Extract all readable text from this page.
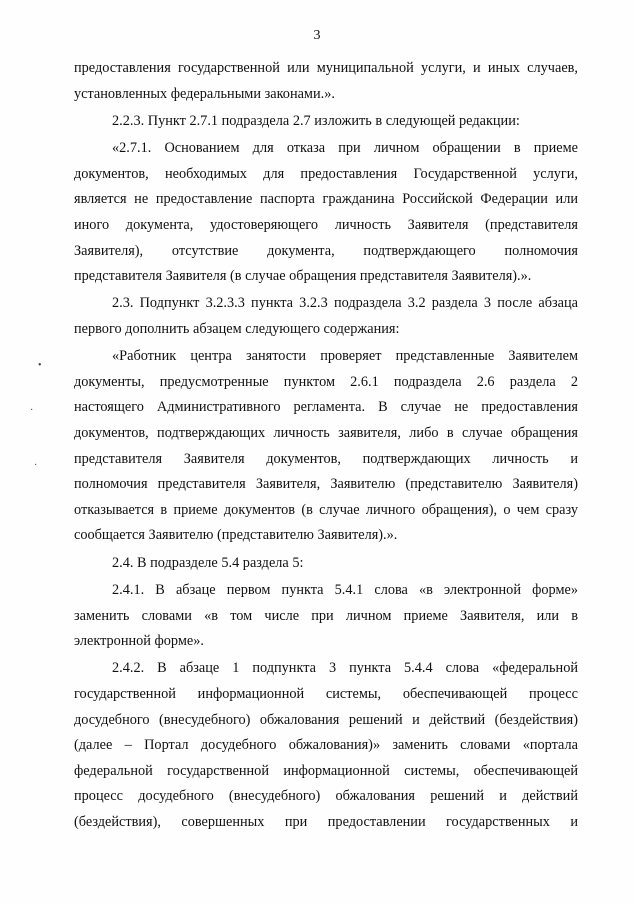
3
предоставления государственной или муниципальной услуги, и иных случаев,
установленных федеральными законами.».
2.2.3. Пункт 2.7.1 подраздела 2.7 изложить в следующей редакции:
«2.7.1. Основанием для отказа при личном обращении в приеме
документов, необходимых для предоставления Государственной услуги,
является не предоставление паспорта гражданина Российской Федерации или
иного документа, удостоверяющего личность Заявителя (представителя
Заявителя), отсутствие документа, подтверждающего полномочия
представителя Заявителя (в случае обращения представителя Заявителя).».
2.3. Подпункт 3.2.3.3 пункта 3.2.3 подраздела 3.2 раздела 3 после абзаца
первого дополнить абзацем следующего содержания:
«Работник центра занятости проверяет представленные Заявителем
документы, предусмотренные пунктом 2.6.1 подраздела 2.6 раздела 2
настоящего Административного регламента. В случае не предоставления
документов, подтверждающих личность заявителя, либо в случае обращения
представителя Заявителя документов, подтверждающих личность и
полномочия представителя Заявителя, Заявителю (представителю Заявителя)
отказывается в приеме документов (в случае личного обращения), о чем сразу
сообщается Заявителю (представителю Заявителя).».
2.4. В подразделе 5.4 раздела 5:
2.4.1. В абзаце первом пункта 5.4.1 слова «в электронной форме»
заменить словами «в том числе при личном приеме Заявителя, или в
электронной форме».
2.4.2. В абзаце 1 подпункта 3 пункта 5.4.4 слова «федеральной
государственной информационной системы, обеспечивающей процесс
досудебного (внесудебного) обжалования решений и действий (бездействия)
(далее – Портал досудебного обжалования)» заменить словами «портала
федеральной государственной информационной системы, обеспечивающей
процесс досудебного (внесудебного) обжалования решений и действий
(бездействия), совершенных при предоставлении государственных и
•
·
·
